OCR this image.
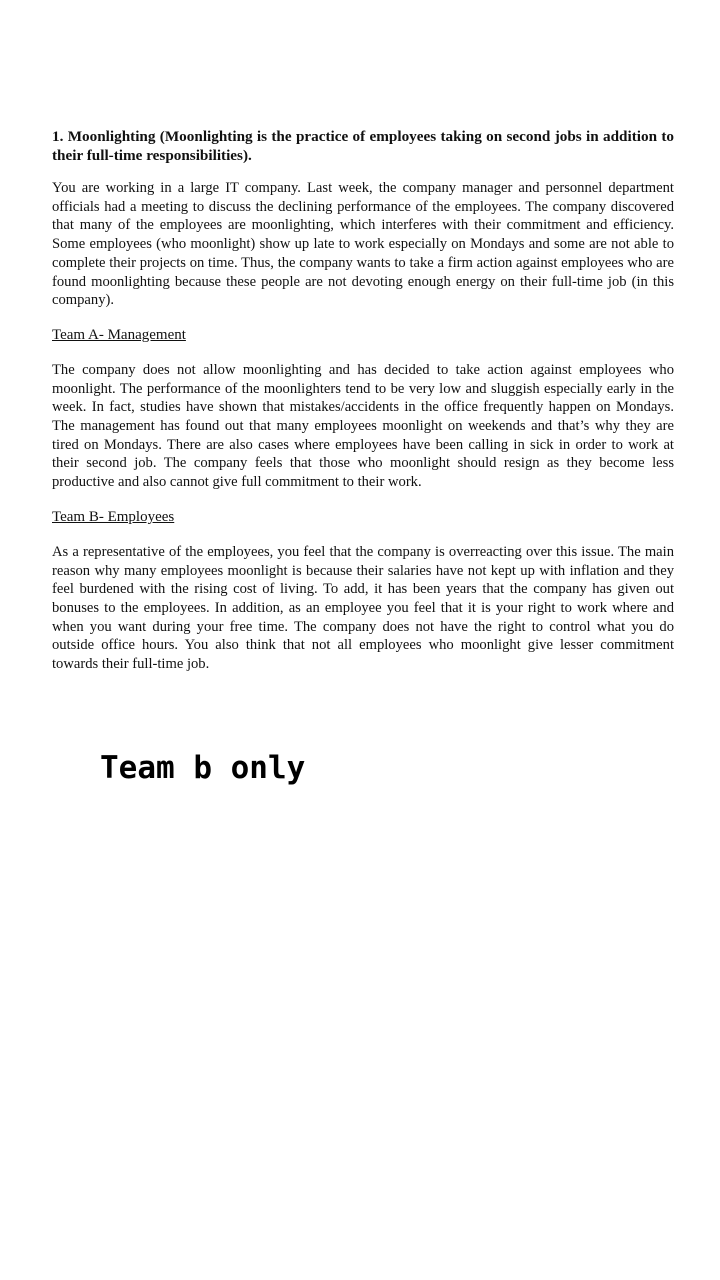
1. Moonlighting (Moonlighting is the practice of employees taking on second jobs in addition to their full-time responsibilities).

You are working in a large IT company. Last week, the company manager and personnel department officials had a meeting to discuss the declining performance of the employees. The company discovered that many of the employees are moonlighting, which interferes with their commitment and efficiency. Some employees (who moonlight) show up late to work especially on Mondays and some are not able to complete their projects on time. Thus, the company wants to take a firm action against employees who are found moonlighting because these people are not devoting enough energy on their full-time job (in this company).

Team A- Management

The company does not allow moonlighting and has decided to take action against employees who moonlight. The performance of the moonlighters tend to be very low and sluggish especially early in the week. In fact, studies have shown that mistakes/accidents in the office frequently happen on Mondays. The management has found out that many employees moonlight on weekends and that’s why they are tired on Mondays. There are also cases where employees have been calling in sick in order to work at their second job. The company feels that those who moonlight should resign as they become less productive and also cannot give full commitment to their work.

Team B- Employees

As a representative of the employees, you feel that the company is overreacting over this issue. The main reason why many employees moonlight is because their salaries have not kept up with inflation and they feel burdened with the rising cost of living. To add, it has been years that the company has given out bonuses to the employees. In addition, as an employee you feel that it is your right to work where and when you want during your free time. The company does not have the right to control what you do outside office hours. You also think that not all employees who moonlight give lesser commitment towards their full-time job.

Team b only
